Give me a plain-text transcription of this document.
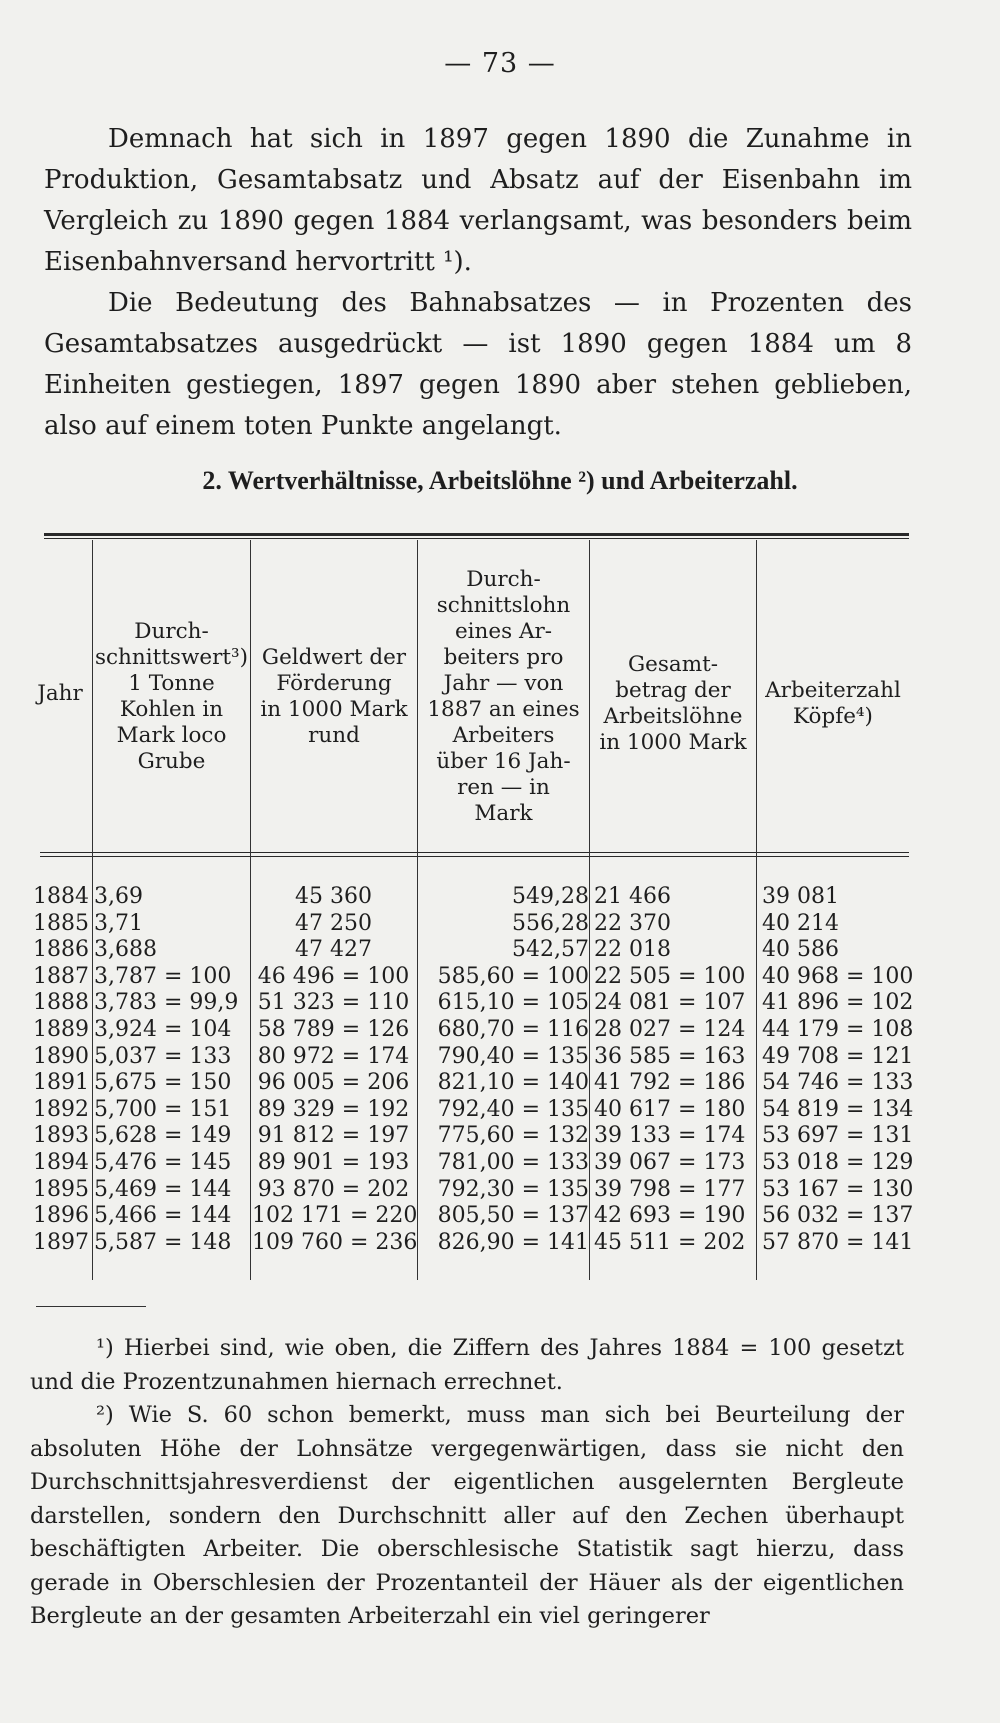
— 73 —
Demnach hat sich in 1897 gegen 1890 die Zunahme in Produktion, Gesamtabsatz und Absatz auf der Eisenbahn im Vergleich zu 1890 gegen 1884 verlangsamt, was besonders beim Eisenbahnversand hervortritt ¹).
Die Bedeutung des Bahnabsatzes — in Prozenten des Gesamtabsatzes ausgedrückt — ist 1890 gegen 1884 um 8 Einheiten gestiegen, 1897 gegen 1890 aber stehen geblieben, also auf einem toten Punkte angelangt.
2. Wertverhältnisse, Arbeitslöhne ²) und Arbeiterzahl.
Jahr
Durch-
schnittswert³)
1 Tonne
Kohlen in
Mark loco
Grube
Geldwert der
Förderung
in 1000 Mark
rund
Durch-
schnittslohn
eines Ar-
beiters pro
Jahr — von
1887 an eines
Arbeiters
über 16 Jah-
ren — in
Mark
Gesamt-
betrag der
Arbeitslöhne
in 1000 Mark
Arbeiterzahl
Köpfe⁴)
1884
1885
1886
1887
1888
1889
1890
1891
1892
1893
1894
1895
1896
1897
3,69
3,71
3,688
3,787 = 100
3,783 = 99,9
3,924 = 104
5,037 = 133
5,675 = 150
5,700 = 151
5,628 = 149
5,476 = 145
5,469 = 144
5,466 = 144
5,587 = 148
45 360
47 250
47 427
46 496 = 100
51 323 = 110
58 789 = 126
80 972 = 174
96 005 = 206
89 329 = 192
91 812 = 197
89 901 = 193
93 870 = 202
102 171 = 220
109 760 = 236
549,28
556,28
542,57
585,60 = 100
615,10 = 105
680,70 = 116
790,40 = 135
821,10 = 140
792,40 = 135
775,60 = 132
781,00 = 133
792,30 = 135
805,50 = 137
826,90 = 141
21 466
22 370
22 018
22 505 = 100
24 081 = 107
28 027 = 124
36 585 = 163
41 792 = 186
40 617 = 180
39 133 = 174
39 067 = 173
39 798 = 177
42 693 = 190
45 511 = 202
39 081
40 214
40 586
40 968 = 100
41 896 = 102
44 179 = 108
49 708 = 121
54 746 = 133
54 819 = 134
53 697 = 131
53 018 = 129
53 167 = 130
56 032 = 137
57 870 = 141
¹) Hierbei sind, wie oben, die Ziffern des Jahres 1884 = 100 gesetzt und die Prozentzunahmen hiernach errechnet.
²) Wie S. 60 schon bemerkt, muss man sich bei Beurteilung der absoluten Höhe der Lohnsätze vergegenwärtigen, dass sie nicht den Durchschnittsjahresverdienst der eigentlichen ausgelernten Bergleute darstellen, sondern den Durchschnitt aller auf den Zechen überhaupt beschäftigten Arbeiter. Die oberschlesische Statistik sagt hierzu, dass gerade in Oberschlesien der Prozentanteil der Häuer als der eigentlichen Bergleute an der gesamten Arbeiterzahl ein viel geringerer
